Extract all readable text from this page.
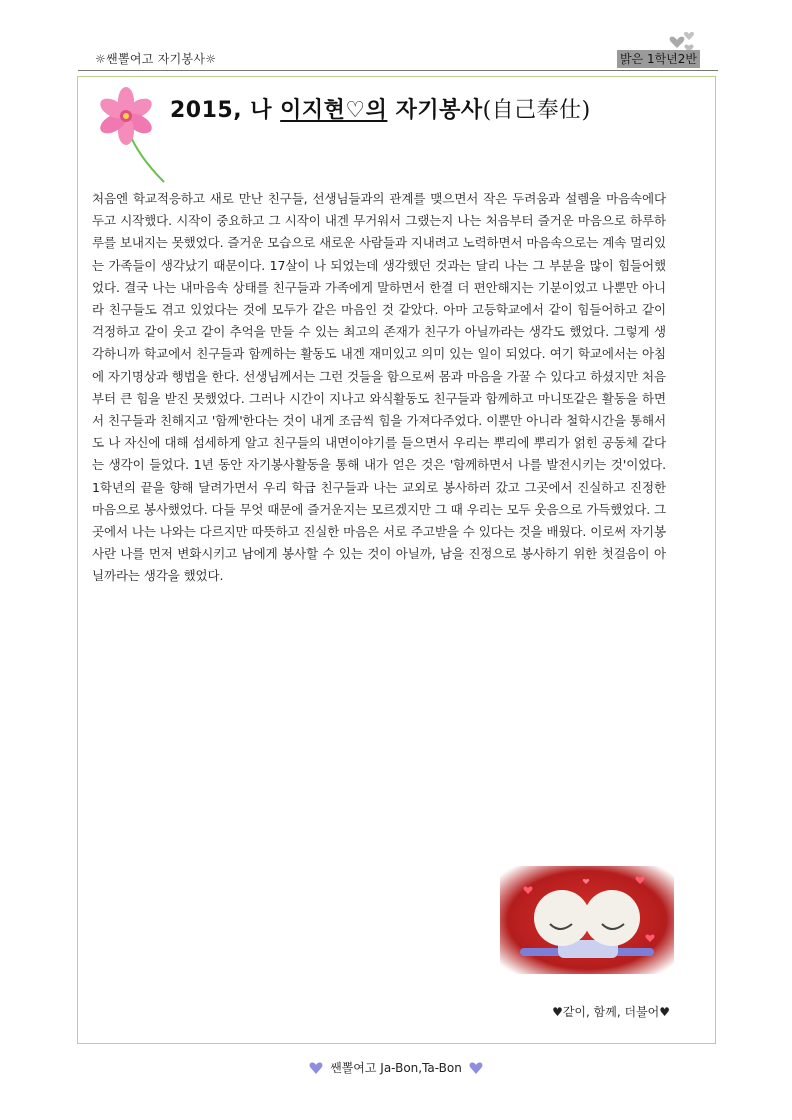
☼쌘뽈여고 자기봉사☼	밝은 1학년2반
2015, 나 이지현♡의 자기봉사(自己奉仕)
처음엔 학교적응하고 새로 만난 친구들, 선생님들과의 관계를 맺으면서 작은 두려움과 설렘을 마음속에다 두고 시작했다. 시작이 중요하고 그 시작이 내겐 무거워서 그랬는지 나는 처음부터 즐거운 마음으로 하루하루를 보내지는 못했었다. 즐거운 모습으로 새로운 사람들과 지내려고 노력하면서 마음속으로는 계속 멀리있는 가족들이 생각났기 때문이다. 17살이 나 되었는데 생각했던 것과는 달리 나는 그 부분을 많이 힘들어했었다. 결국 나는 내마음속 상태를 친구들과 가족에게 말하면서 한결 더 편안해지는 기분이었고 나뿐만 아니라 친구들도 겪고 있었다는 것에 모두가 같은 마음인 것 같았다. 아마 고등학교에서 같이 힘들어하고 같이 걱정하고 같이 웃고 같이 추억을 만들 수 있는 최고의 존재가 친구가 아닐까라는 생각도 했었다. 그렇게 생각하니까 학교에서 친구들과 함께하는 활동도 내겐 재미있고 의미 있는 일이 되었다. 여기 학교에서는 아침에 자기명상과 행법을 한다. 선생님께서는 그런 것들을 함으로써 몸과 마음을 가꿀 수 있다고 하셨지만 처음부터 큰 힘을 받진 못했었다. 그러나 시간이 지나고 와식활동도 친구들과 함께하고 마니또같은 활동을 하면서 친구들과 친해지고 '함께'한다는 것이 내게 조금씩 힘을 가져다주었다. 이뿐만 아니라 철학시간을 통해서도 나 자신에 대해 섬세하게 알고 친구들의 내면이야기를 들으면서 우리는 뿌리에 뿌리가 얽힌 공동체 같다는 생각이 들었다. 1년 동안 자기봉사활동을 통해 내가 얻은 것은 '함께하면서 나를 발전시키는 것'이었다. 1학년의 끝을 향해 달려가면서 우리 학급 친구들과 나는 교외로 봉사하러 갔고 그곳에서 진실하고 진정한 마음으로 봉사했었다. 다들 무엇 때문에 즐거운지는 모르겠지만 그 때 우리는 모두 웃음으로 가득했었다. 그곳에서 나는 나와는 다르지만 따뜻하고 진실한 마음은 서로 주고받을 수 있다는 것을 배웠다. 이로써 자기봉사란 나를 먼저 변화시키고 남에게 봉사할 수 있는 것이 아닐까, 남을 진정으로 봉사하기 위한 첫걸음이 아닐까라는 생각을 했었다.
♥같이, 함께, 더불어♥
쌘뽈여고 Ja-Bon,Ta-Bon
